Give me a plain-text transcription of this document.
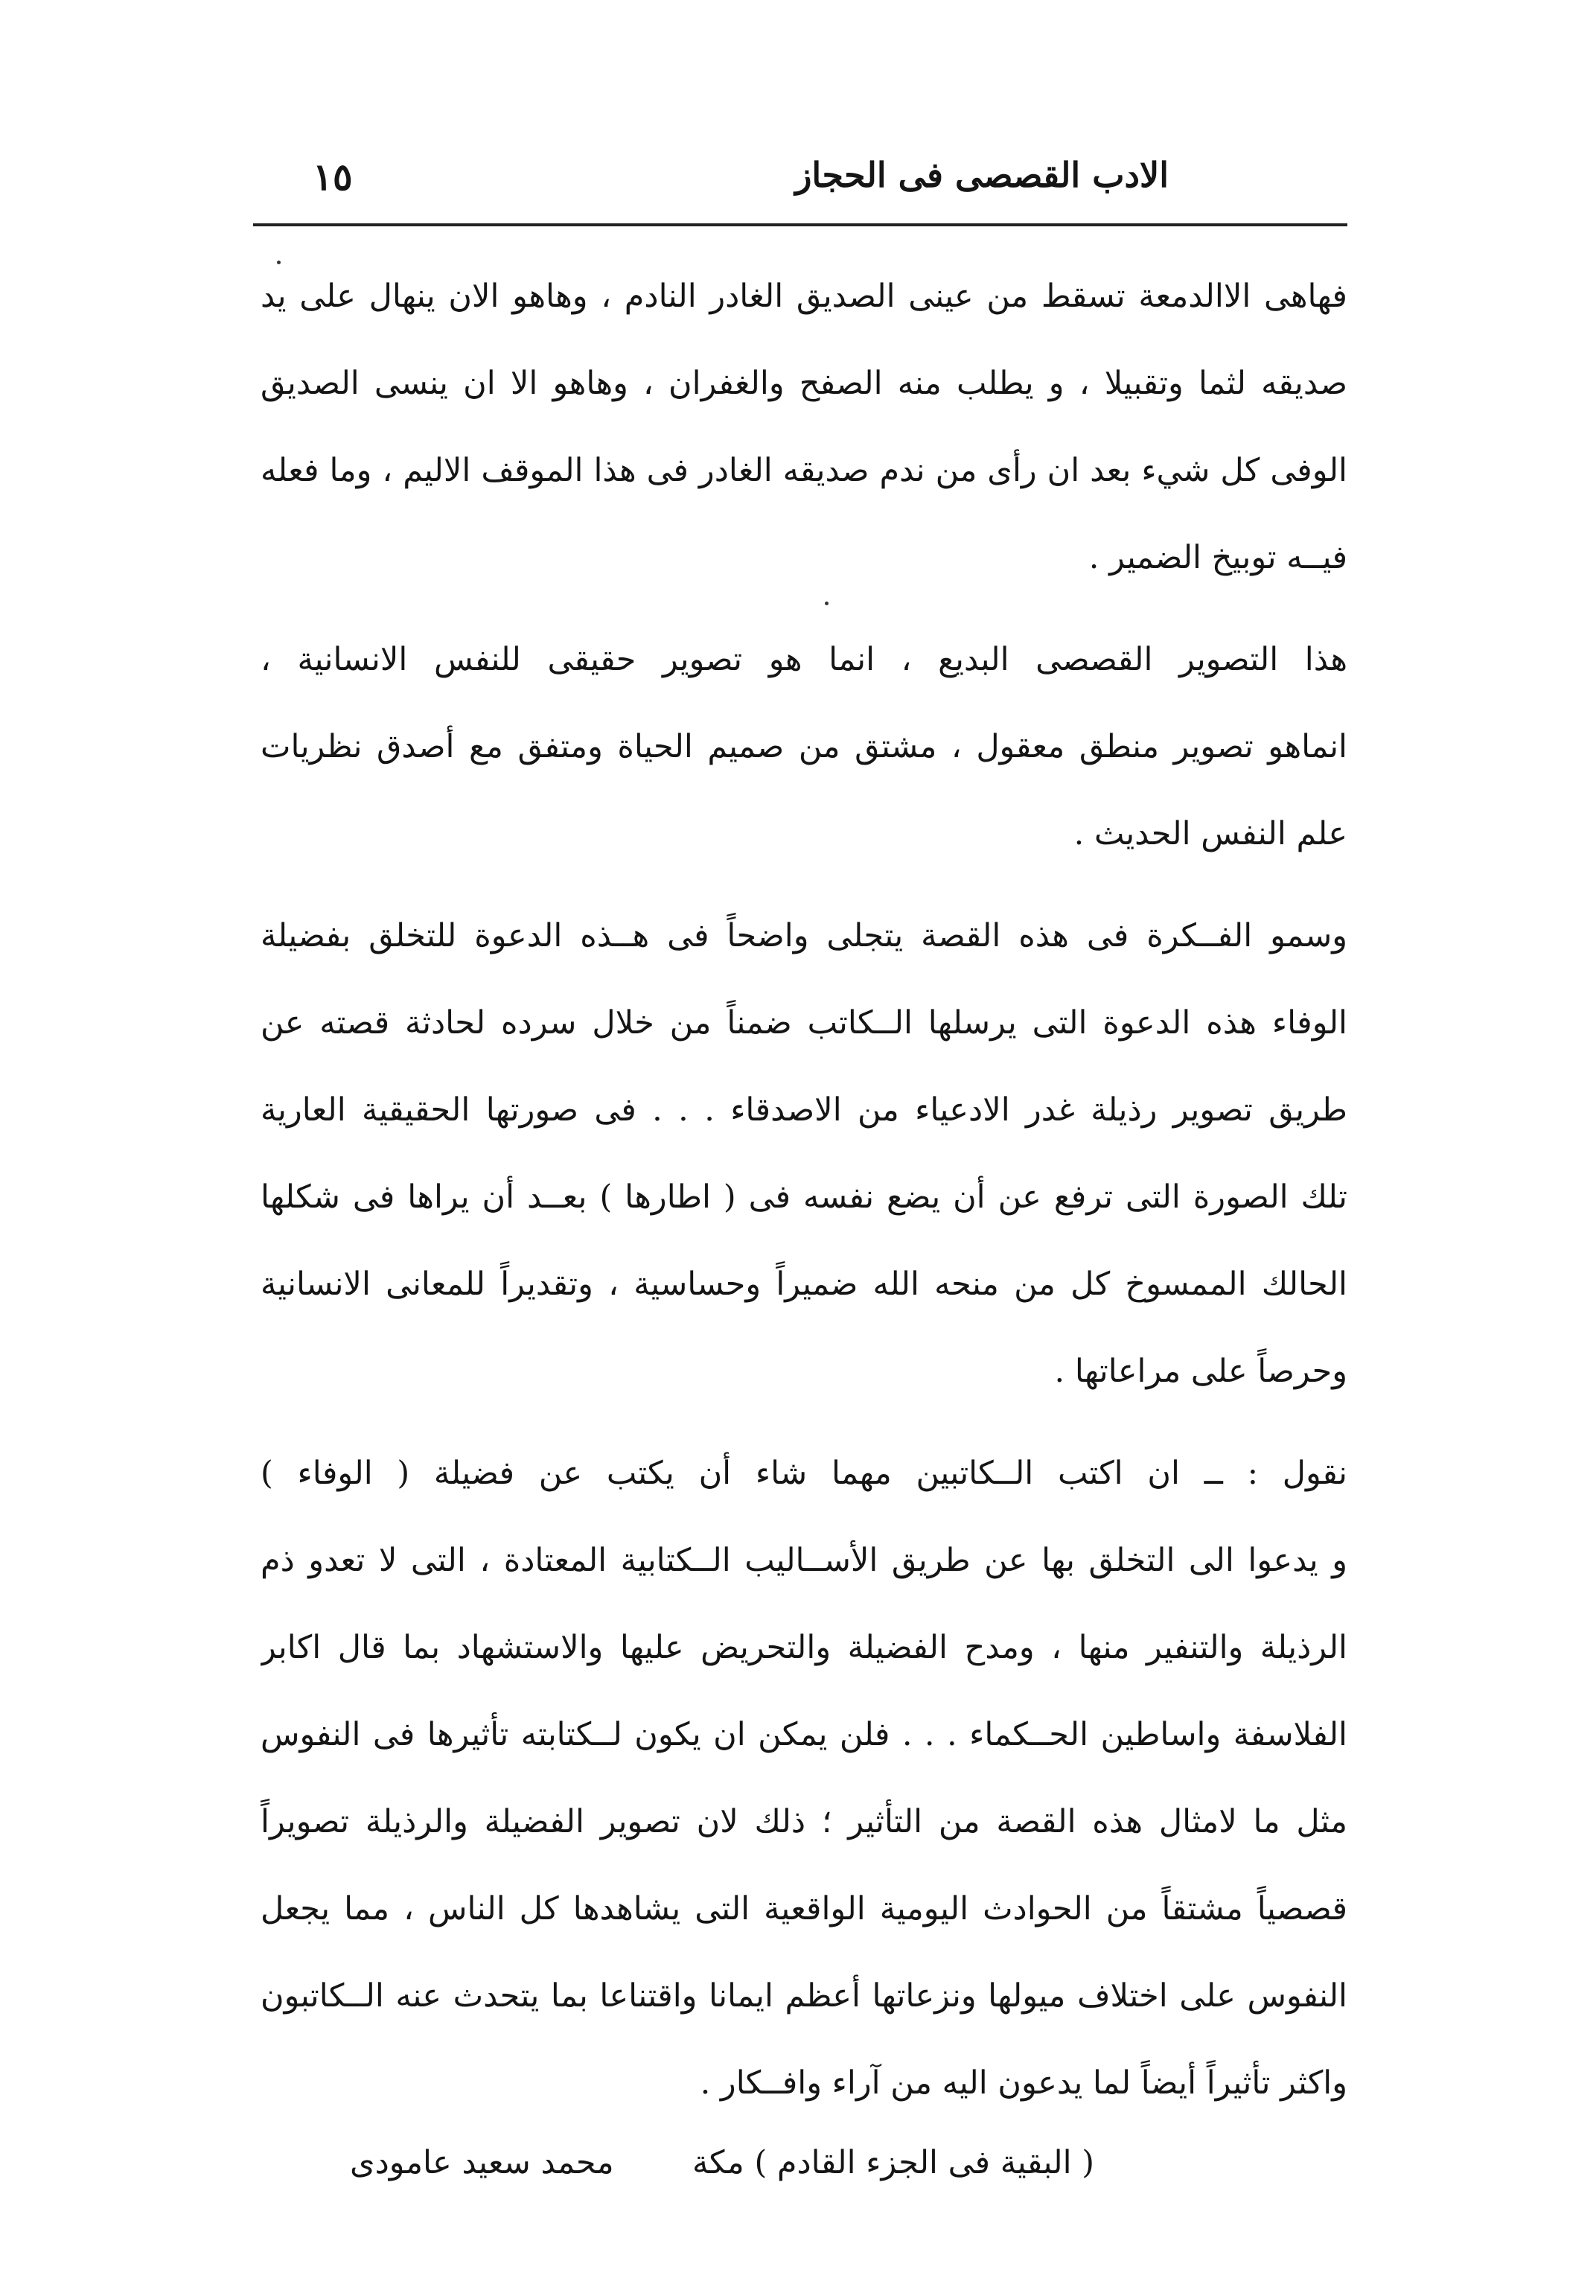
١٥	الادب القصصى فى الحجاز
فهاهى الاالدمعة تسقط من عينى الصديق الغادر النادم ، وهاهو الان ينهال على يد
صديقه لثما وتقبيلا ، و يطلب منه الصفح والغفران ، وهاهو الا ان ينسى الصديق
الوفى كل شيء بعد ان رأى من ندم صديقه الغادر فى هذا الموقف الاليم ، وما فعله
فيــه توبيخ الضمير .
هذا التصوير القصصى البديع ، انما هو تصوير حقيقى للنفس الانسانية ،
انماهو تصوير منطق معقول ، مشتق من صميم الحياة ومتفق مع أصدق نظريات
علم النفس الحديث .
وسمو الفــكرة فى هذه القصة يتجلى واضحاً فى هــذه الدعوة للتخلق بفضيلة
الوفاء هذه الدعوة التى يرسلها الــكاتب ضمناً من خلال سرده لحادثة قصته عن
طريق تصوير رذيلة غدر الادعياء من الاصدقاء . . . فى صورتها الحقيقية العارية
تلك الصورة التى ترفع عن أن يضع نفسه فى ( اطارها ) بعــد أن يراها فى شكلها
الحالك الممسوخ كل من منحه الله ضميراً وحساسية ، وتقديراً للمعانى الانسانية
وحرصاً على مراعاتها .
نقول : ــ ان اكتب الــكاتبين مهما شاء أن يكتب عن فضيلة ( الوفاء )
و يدعوا الى التخلق بها عن طريق الأســاليب الــكتابية المعتادة ، التى لا تعدو ذم
الرذيلة والتنفير منها ، ومدح الفضيلة والتحريض عليها والاستشهاد بما قال اكابر
الفلاسفة واساطين الحــكماء . . . فلن يمكن ان يكون لــكتابته تأثيرها فى النفوس
مثل ما لامثال هذه القصة من التأثير ؛ ذلك لان تصوير الفضيلة والرذيلة تصويراً
قصصياً مشتقاً من الحوادث اليومية الواقعية التى يشاهدها كل الناس ، مما يجعل
النفوس على اختلاف ميولها ونزعاتها أعظم ايمانا واقتناعا بما يتحدث عنه الــكاتبون
واكثر تأثيراً أيضاً لما يدعون اليه من آراء وافــكار .
( البقية فى الجزء القادم ) مكة
محمد سعيد عامودى
